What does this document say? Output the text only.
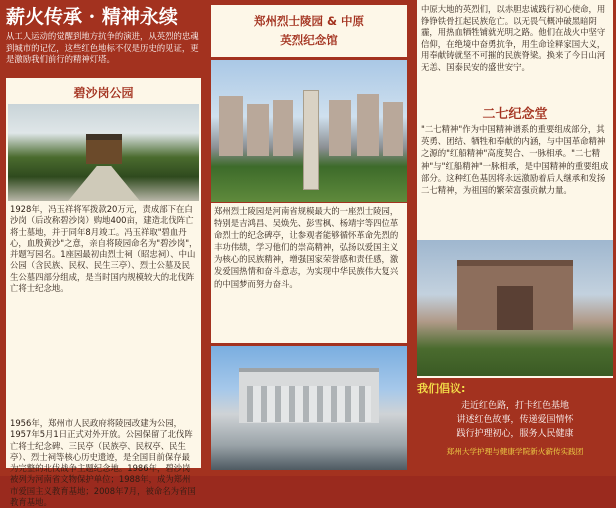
薪火传承 · 精神永续
从工人运动的觉醒到地方抗争的演进，从英烈的忠魂到城市的记忆，这些红色地标不仅是历史的见证，更是激励我们前行的精神灯塔。
碧沙岗公园
1928年，冯玉祥将军拨款20万元，责成部下在白沙岗（后改称碧沙岗）购地400亩，建造北伐阵亡将士墓地，并于同年8月竣工。冯玉祥取"碧血丹心，血殷黄沙"之意，亲自将陵园命名为"碧沙岗"，并题写园名。1座园最初由烈士祠（昭忠祠）、中山公园（含民族、民权、民生三亭）、烈士公墓及民生公墓四部分组成，是当时国内规模较大的北伐阵亡将士纪念地。
1956年，郑州市人民政府将陵园改建为公园，1957年5月1日正式对外开放。公园保留了北伐阵亡将士纪念碑、三民亭（民族亭、民权亭、民生亭）、烈士祠等核心历史遗迹，是全国目前保存最为完整的北伐战争主题纪念地。1986年，碧沙岗被列为河南省文物保护单位；1988年，成为郑州市爱国主义教育基地；2008年7月，被命名为省国教育基地。
郑州烈士陵园 & 中原
英烈纪念馆
郑州烈士陵园是河南省规模最大的一座烈士陵园，特别是吉鸿昌、吴焕先、彭雪枫、杨靖宇等四位革命烈士的纪念碑亭，让参观者能够循怀革命先烈的丰功伟绩，学习他们的崇高精神，弘扬以爱国主义为核心的民族精神，增强国家荣誉感和责任感，激发爱国热情和奋斗意志，为实现中华民族伟大复兴的中国梦而努力奋斗。
中原大地的英烈们，以赤胆忠诚践行初心使命，用铮铮铁骨扛起民族危亡。以无畏气概冲破黑暗阴霾，用热血牺牲铺就光明之路。他们在战火中坚守信仰，在绝境中奋勇抗争，用生命诠释家国大义，用奉献铸就坚不可摧的民族脊梁。换来了今日山河无恙、国泰民安的盛世安宁。
二七纪念堂
"二七精神"作为中国精神谱系的重要组成部分，其英勇、团结、牺牲和奉献的内涵，与中国革命精神之源的"红船精神"高度契合、一脉相承。"二七精神"与"红船精神"一脉相承，是中国精神的重要组成部分。这种红色基因将永远激励着后人继承和发扬二七精神，为祖国的繁荣富强贡献力量。
我们倡议:
走近红色路，打卡红色基地
讲述红色故事，传递爱国情怀
践行护理初心，服务人民健康
郑州大学护理与健康学院新火薪传实践团
